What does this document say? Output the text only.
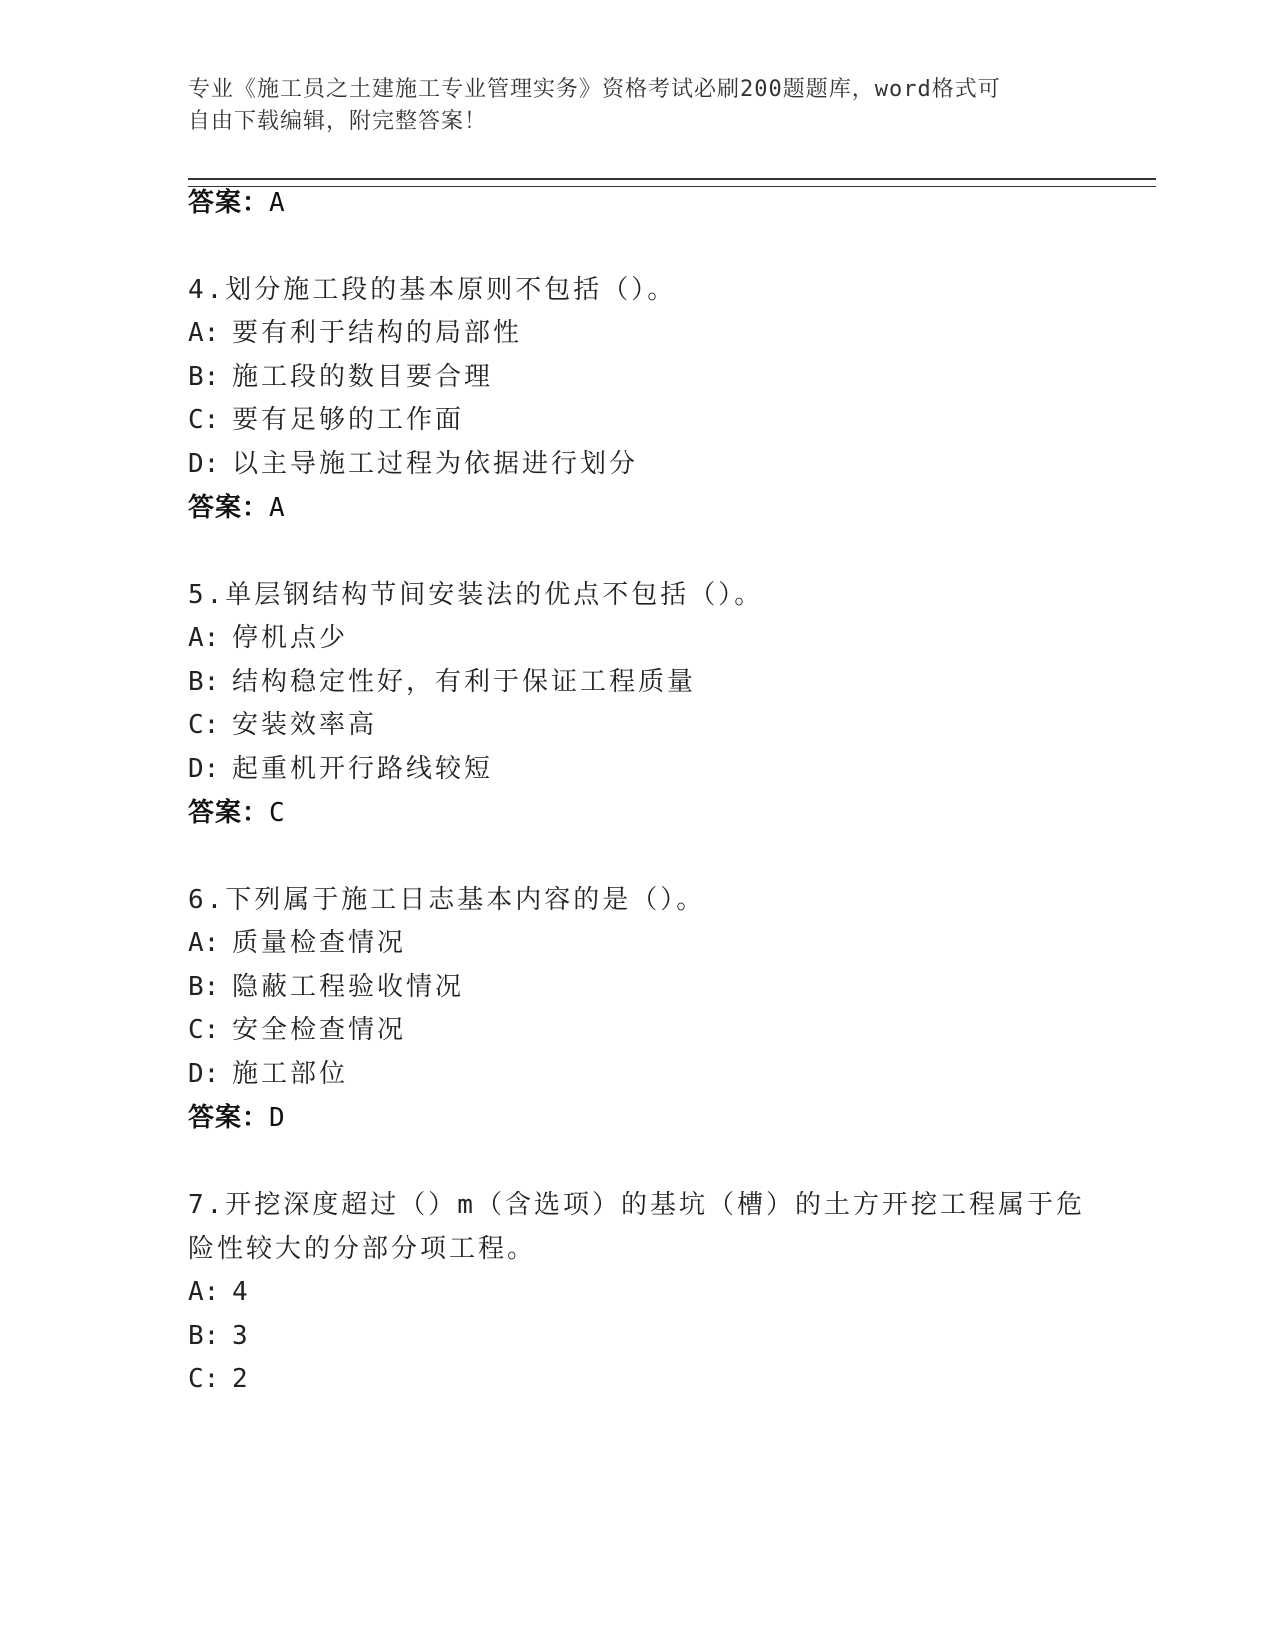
专业《施工员之土建施工专业管理实务》资格考试必刷200题题库，word格式可
自由下载编辑，附完整答案！
答案：A
4.划分施工段的基本原则不包括（）。
A: 要有利于结构的局部性
B: 施工段的数目要合理
C: 要有足够的工作面
D: 以主导施工过程为依据进行划分
答案：A
5.单层钢结构节间安装法的优点不包括（）。
A: 停机点少
B: 结构稳定性好，有利于保证工程质量
C: 安装效率高
D: 起重机开行路线较短
答案：C
6.下列属于施工日志基本内容的是（）。
A: 质量检查情况
B: 隐蔽工程验收情况
C: 安全检查情况
D: 施工部位
答案：D
7.开挖深度超过（）m（含选项）的基坑（槽）的土方开挖工程属于危
险性较大的分部分项工程。
A: 4
B: 3
C: 2
